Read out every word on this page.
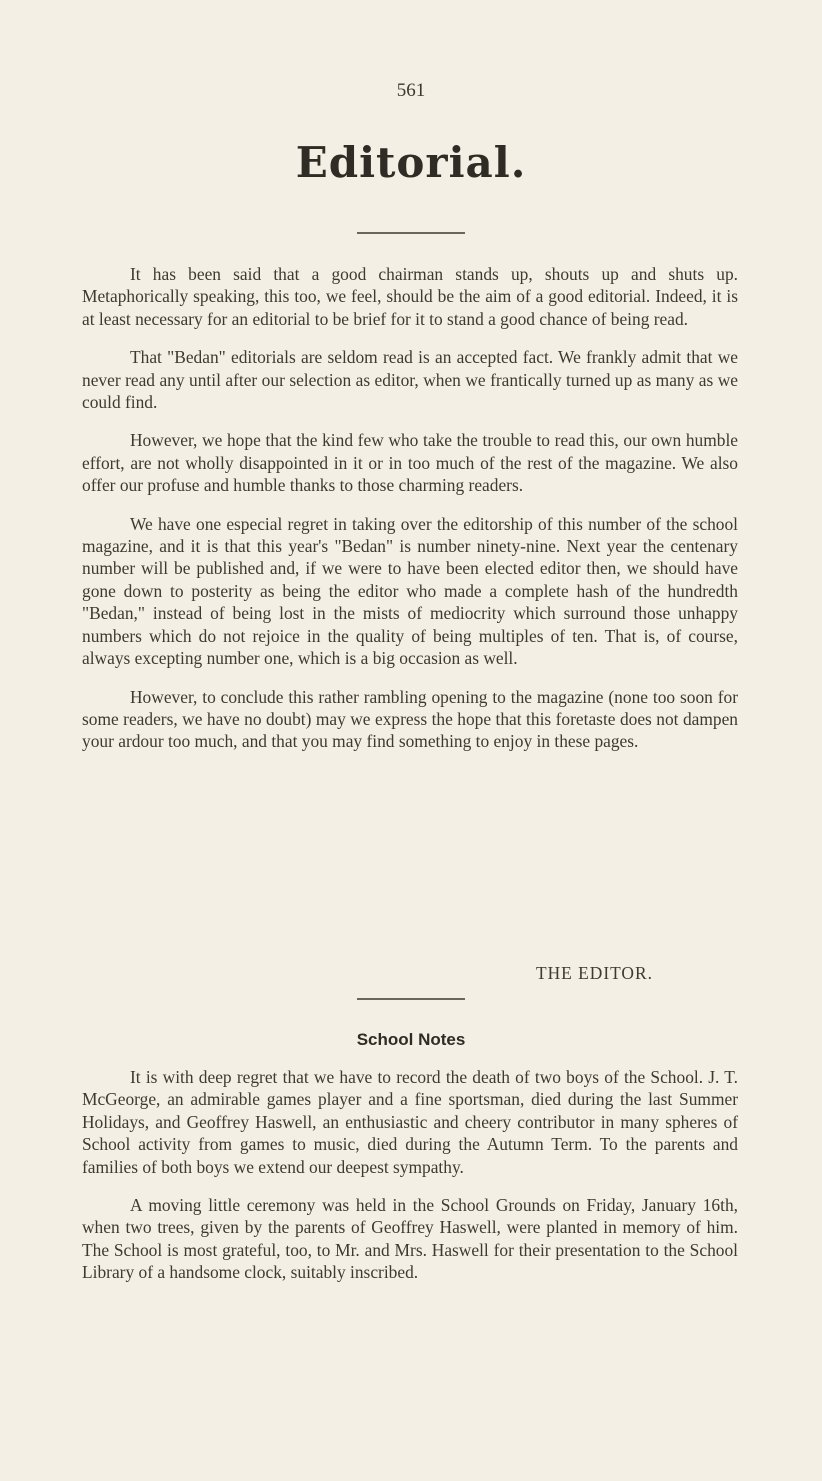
561
Editorial.

It has been said that a good chairman stands up, shouts up and shuts up. Metaphorically speaking, this too, we feel, should be the aim of a good editorial. Indeed, it is at least necessary for an editorial to be brief for it to stand a good chance of being read.

That "Bedan" editorials are seldom read is an accepted fact. We frankly admit that we never read any until after our selection as editor, when we frantically turned up as many as we could find.

However, we hope that the kind few who take the trouble to read this, our own humble effort, are not wholly disappointed in it or in too much of the rest of the magazine. We also offer our profuse and humble thanks to those charming readers.

We have one especial regret in taking over the editorship of this number of the school magazine, and it is that this year's "Bedan" is number ninety-nine. Next year the centenary number will be published and, if we were to have been elected editor then, we should have gone down to posterity as being the editor who made a complete hash of the hundredth "Bedan," instead of being lost in the mists of mediocrity which surround those unhappy numbers which do not rejoice in the quality of being multiples of ten. That is, of course, always excepting number one, which is a big occasion as well.

However, to conclude this rather rambling opening to the magazine (none too soon for some readers, we have no doubt) may we express the hope that this foretaste does not dampen your ardour too much, and that you may find something to enjoy in these pages.

THE EDITOR.
School Notes

It is with deep regret that we have to record the death of two boys of the School. J. T. McGeorge, an admirable games player and a fine sportsman, died during the last Summer Holidays, and Geoffrey Haswell, an enthusiastic and cheery contributor in many spheres of School activity from games to music, died during the Autumn Term. To the parents and families of both boys we extend our deepest sympathy.

A moving little ceremony was held in the School Grounds on Friday, January 16th, when two trees, given by the parents of Geoffrey Haswell, were planted in memory of him. The School is most grateful, too, to Mr. and Mrs. Haswell for their presentation to the School Library of a handsome clock, suitably inscribed.
